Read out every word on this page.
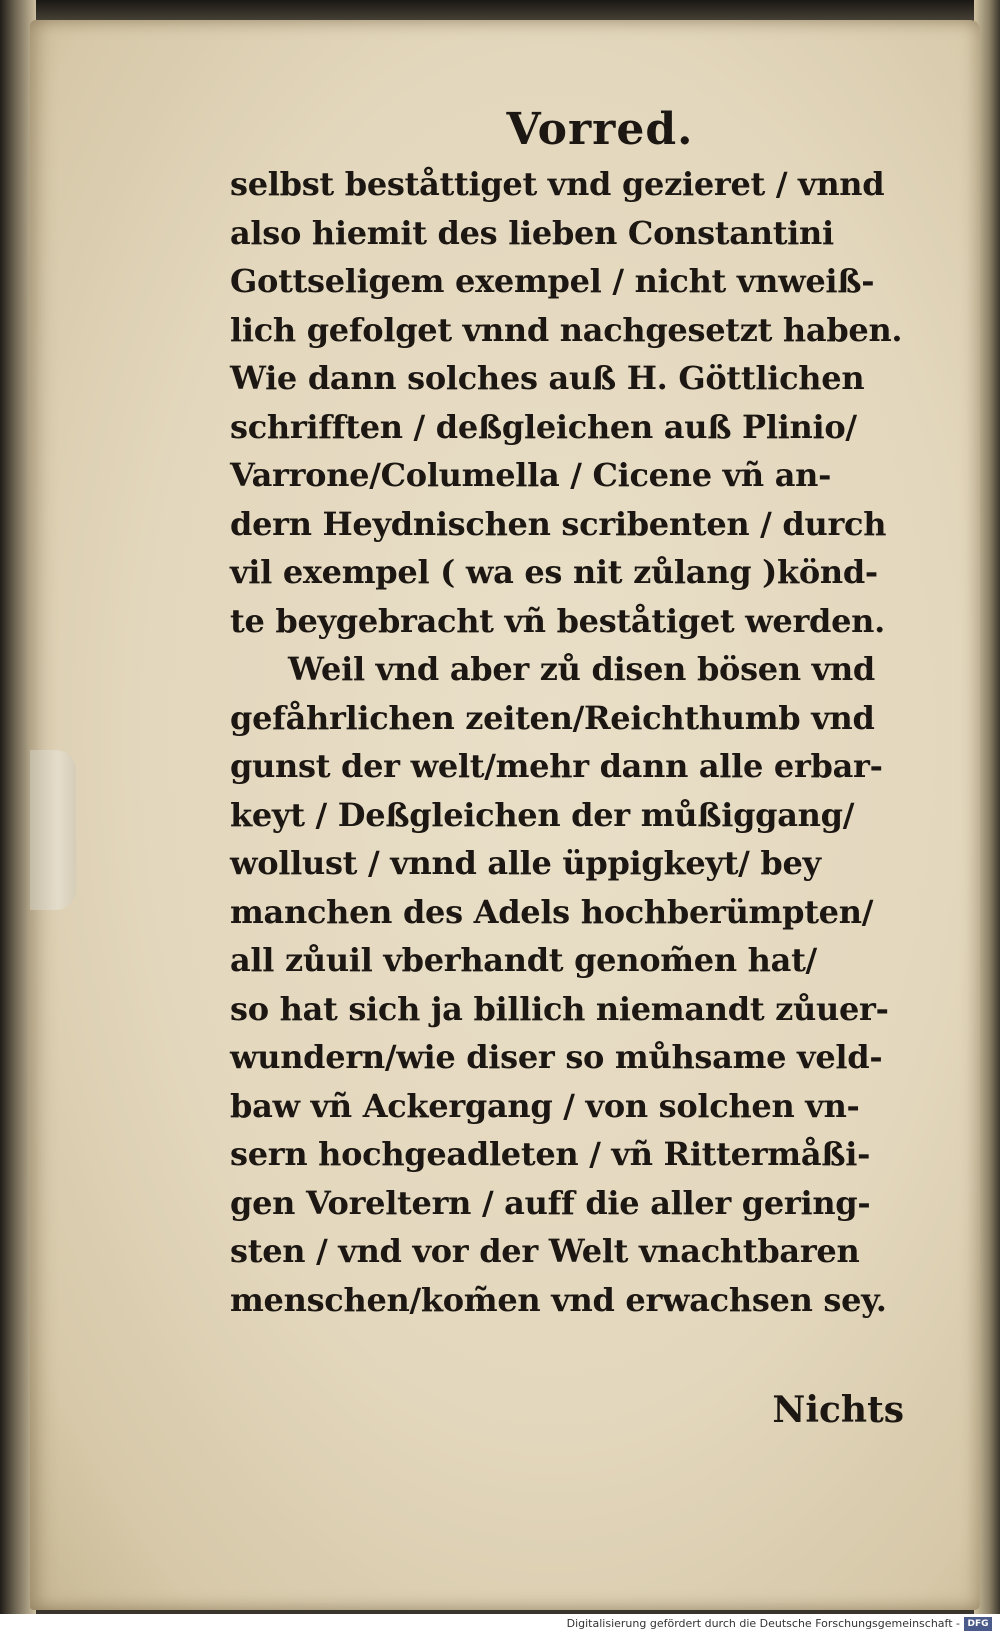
Vorred.
selbst beståttiget vnd gezieret / vnnd
also hiemit des lieben Constantini
Gottseligem exempel / nicht vnweiß-
lich gefolget vnnd nachgesetzt haben.
Wie dann solches auß H. Göttlichen
schrifften / deßgleichen auß Plinio/
Varrone/Columella / Cicene vñ an-
dern Heydnischen scribenten / durch
vil exempel ( wa es nit zůlang )könd-
te beygebracht vñ beståtiget werden.
Weil vnd aber zů disen bösen vnd
gefåhrlichen zeiten/Reichthumb vnd
gunst der welt/mehr dann alle erbar-
keyt / Deßgleichen der můßiggang/
wollust / vnnd alle üppigkeyt/ bey
manchen des Adels hochberümpten/
all zůuil vberhandt genom̃en hat/
so hat sich ja billich niemandt zůuer-
wundern/wie diser so můhsame veld-
baw vñ Ackergang / von solchen vn-
sern hochgeadleten / vñ Rittermåßi-
gen Voreltern / auff die aller gering-
sten / vnd vor der Welt vnachtbaren
menschen/kom̃en vnd erwachsen sey.
Nichts
Digitalisierung gefördert durch die Deutsche Forschungsgemeinschaft - DFG
